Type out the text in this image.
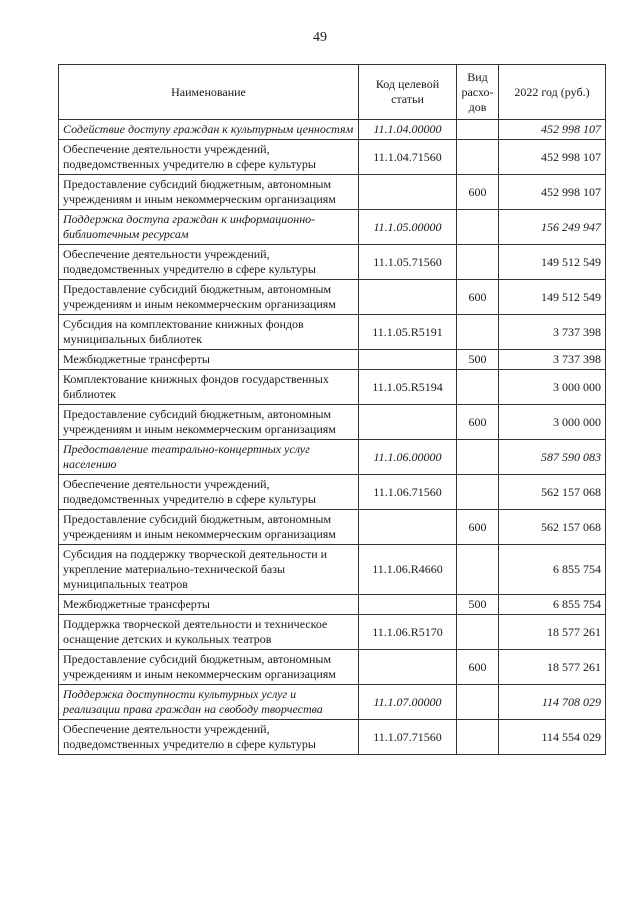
49
Наименование	Код целевой статьи	Вид расхо-дов	2022 год (руб.)
Содействие доступу граждан к культурным ценностям	11.1.04.00000		452 998 107
Обеспечение деятельности учреждений, подведомственных учредителю в сфере культуры	11.1.04.71560		452 998 107
Предоставление субсидий бюджетным, автономным учреждениям и иным некоммерческим организациям		600	452 998 107
Поддержка доступа граждан к информационно-библиотечным ресурсам	11.1.05.00000		156 249 947
Обеспечение деятельности учреждений, подведомственных учредителю в сфере культуры	11.1.05.71560		149 512 549
Предоставление субсидий бюджетным, автономным учреждениям и иным некоммерческим организациям		600	149 512 549
Субсидия на комплектование книжных фондов муниципальных библиотек	11.1.05.R5191		3 737 398
Межбюджетные трансферты		500	3 737 398
Комплектование книжных фондов государственных библиотек	11.1.05.R5194		3 000 000
Предоставление субсидий бюджетным, автономным учреждениям и иным некоммерческим организациям		600	3 000 000
Предоставление театрально-концертных услуг населению	11.1.06.00000		587 590 083
Обеспечение деятельности учреждений, подведомственных учредителю в сфере культуры	11.1.06.71560		562 157 068
Предоставление субсидий бюджетным, автономным учреждениям и иным некоммерческим организациям		600	562 157 068
Субсидия на поддержку творческой деятельности и укрепление материально-технической базы муниципальных театров	11.1.06.R4660		6 855 754
Межбюджетные трансферты		500	6 855 754
Поддержка творческой деятельности и техническое оснащение детских и кукольных театров	11.1.06.R5170		18 577 261
Предоставление субсидий бюджетным, автономным учреждениям и иным некоммерческим организациям		600	18 577 261
Поддержка доступности культурных услуг и реализации права граждан на свободу творчества	11.1.07.00000		114 708 029
Обеспечение деятельности учреждений, подведомственных учредителю в сфере культуры	11.1.07.71560		114 554 029
